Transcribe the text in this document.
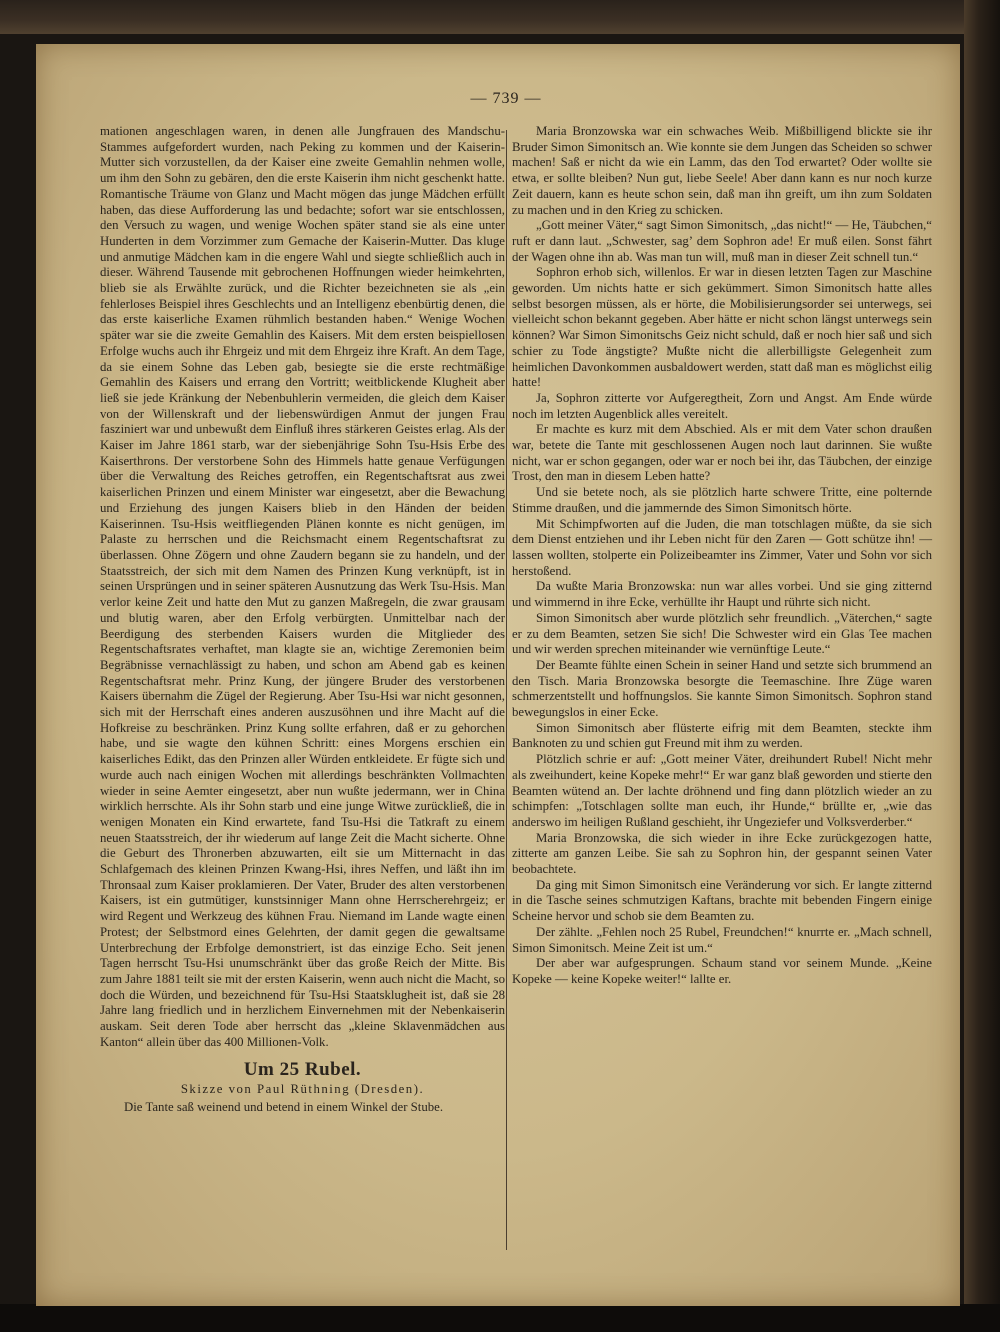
— 739 —

mationen angeschlagen waren, in denen alle Jungfrauen des Mandschu-Stammes aufgefordert wurden, nach Peking zu kommen und der Kaiserin-Mutter sich vorzustellen, da der Kaiser eine zweite Gemahlin nehmen wolle, um ihm den Sohn zu gebären, den die erste Kaiserin ihm nicht geschenkt hatte. Romantische Träume von Glanz und Macht mögen das junge Mädchen erfüllt haben, das diese Aufforderung las und bedachte; sofort war sie entschlossen, den Versuch zu wagen, und wenige Wochen später stand sie als eine unter Hunderten in dem Vorzimmer zum Gemache der Kaiserin-Mutter. Das kluge und anmutige Mädchen kam in die engere Wahl und siegte schließlich auch in dieser. Während Tausende mit gebrochenen Hoffnungen wieder heimkehrten, blieb sie als Erwählte zurück, und die Richter bezeichneten sie als „ein fehlerloses Beispiel ihres Geschlechts und an Intelligenz ebenbürtig denen, die das erste kaiserliche Examen rühmlich bestanden haben.“ Wenige Wochen später war sie die zweite Gemahlin des Kaisers. Mit dem ersten beispiellosen Erfolge wuchs auch ihr Ehrgeiz und mit dem Ehrgeiz ihre Kraft. An dem Tage, da sie einem Sohne das Leben gab, besiegte sie die erste rechtmäßige Gemahlin des Kaisers und errang den Vortritt; weitblickende Klugheit aber ließ sie jede Kränkung der Nebenbuhlerin vermeiden, die gleich dem Kaiser von der Willenskraft und der liebenswürdigen Anmut der jungen Frau fasziniert war und unbewußt dem Einfluß ihres stärkeren Geistes erlag. Als der Kaiser im Jahre 1861 starb, war der siebenjährige Sohn Tsu-Hsis Erbe des Kaiserthrons. Der verstorbene Sohn des Himmels hatte genaue Verfügungen über die Verwaltung des Reiches getroffen, ein Regentschaftsrat aus zwei kaiserlichen Prinzen und einem Minister war eingesetzt, aber die Bewachung und Erziehung des jungen Kaisers blieb in den Händen der beiden Kaiserinnen. Tsu-Hsis weitfliegenden Plänen konnte es nicht genügen, im Palaste zu herrschen und die Reichsmacht einem Regentschaftsrat zu überlassen. Ohne Zögern und ohne Zaudern begann sie zu handeln, und der Staatsstreich, der sich mit dem Namen des Prinzen Kung verknüpft, ist in seinen Ursprüngen und in seiner späteren Ausnutzung das Werk Tsu-Hsis. Man verlor keine Zeit und hatte den Mut zu ganzen Maßregeln, die zwar grausam und blutig waren, aber den Erfolg verbürgten. Unmittelbar nach der Beerdigung des sterbenden Kaisers wurden die Mitglieder des Regentschaftsrates verhaftet, man klagte sie an, wichtige Zeremonien beim Begräbnisse vernachlässigt zu haben, und schon am Abend gab es keinen Regentschaftsrat mehr. Prinz Kung, der jüngere Bruder des verstorbenen Kaisers übernahm die Zügel der Regierung. Aber Tsu-Hsi war nicht gesonnen, sich mit der Herrschaft eines anderen auszusöhnen und ihre Macht auf die Hofkreise zu beschränken. Prinz Kung sollte erfahren, daß er zu gehorchen habe, und sie wagte den kühnen Schritt: eines Morgens erschien ein kaiserliches Edikt, das den Prinzen aller Würden entkleidete. Er fügte sich und wurde auch nach einigen Wochen mit allerdings beschränkten Vollmachten wieder in seine Aemter eingesetzt, aber nun wußte jedermann, wer in China wirklich herrschte. Als ihr Sohn starb und eine junge Witwe zurückließ, die in wenigen Monaten ein Kind erwartete, fand Tsu-Hsi die Tatkraft zu einem neuen Staatsstreich, der ihr wiederum auf lange Zeit die Macht sicherte. Ohne die Geburt des Thronerben abzuwarten, eilt sie um Mitternacht in das Schlafgemach des kleinen Prinzen Kwang-Hsi, ihres Neffen, und läßt ihn im Thronsaal zum Kaiser proklamieren. Der Vater, Bruder des alten verstorbenen Kaisers, ist ein gutmütiger, kunstsinniger Mann ohne Herrscherehrgeiz; er wird Regent und Werkzeug des kühnen Frau. Niemand im Lande wagte einen Protest; der Selbstmord eines Gelehrten, der damit gegen die gewaltsame Unterbrechung der Erbfolge demonstriert, ist das einzige Echo. Seit jenen Tagen herrscht Tsu-Hsi unumschränkt über das große Reich der Mitte. Bis zum Jahre 1881 teilt sie mit der ersten Kaiserin, wenn auch nicht die Macht, so doch die Würden, und bezeichnend für Tsu-Hsi Staatsklugheit ist, daß sie 28 Jahre lang friedlich und in herzlichem Einvernehmen mit der Nebenkaiserin auskam. Seit deren Tode aber herrscht das „kleine Sklavenmädchen aus Kanton“ allein über das 400 Millionen-Volk.

Um 25 Rubel.
Skizze von Paul Rüthning (Dresden).

Die Tante saß weinend und betend in einem Winkel der Stube.

Maria Bronzowska war ein schwaches Weib. Mißbilligend blickte sie ihr Bruder Simon Simonitsch an. Wie konnte sie dem Jungen das Scheiden so schwer machen! Saß er nicht da wie ein Lamm, das den Tod erwartet? Oder wollte sie etwa, er sollte bleiben? Nun gut, liebe Seele! Aber dann kann es nur noch kurze Zeit dauern, kann es heute schon sein, daß man ihn greift, um ihn zum Soldaten zu machen und in den Krieg zu schicken.

„Gott meiner Väter,“ sagt Simon Simonitsch, „das nicht!“ — He, Täubchen,“ ruft er dann laut. „Schwester, sag’ dem Sophron ade! Er muß eilen. Sonst fährt der Wagen ohne ihn ab. Was man tun will, muß man in dieser Zeit schnell tun.“

Sophron erhob sich, willenlos. Er war in diesen letzten Tagen zur Maschine geworden. Um nichts hatte er sich gekümmert. Simon Simonitsch hatte alles selbst besorgen müssen, als er hörte, die Mobilisierungsorder sei unterwegs, sei vielleicht schon bekannt gegeben. Aber hätte er nicht schon längst unterwegs sein können? War Simon Simonitschs Geiz nicht schuld, daß er noch hier saß und sich schier zu Tode ängstigte? Mußte nicht die allerbilligste Gelegenheit zum heimlichen Davonkommen ausbaldowert werden, statt daß man es möglichst eilig hatte!

Ja, Sophron zitterte vor Aufgeregtheit, Zorn und Angst. Am Ende würde noch im letzten Augenblick alles vereitelt.

Er machte es kurz mit dem Abschied. Als er mit dem Vater schon draußen war, betete die Tante mit geschlossenen Augen noch laut darinnen. Sie wußte nicht, war er schon gegangen, oder war er noch bei ihr, das Täubchen, der einzige Trost, den man in diesem Leben hatte?

Und sie betete noch, als sie plötzlich harte schwere Tritte, eine polternde Stimme draußen, und die jammernde des Simon Simonitsch hörte.

Mit Schimpfworten auf die Juden, die man totschlagen müßte, da sie sich dem Dienst entziehen und ihr Leben nicht für den Zaren — Gott schütze ihn! — lassen wollten, stolperte ein Polizeibeamter ins Zimmer, Vater und Sohn vor sich herstoßend.

Da wußte Maria Bronzowska: nun war alles vorbei. Und sie ging zitternd und wimmernd in ihre Ecke, verhüllte ihr Haupt und rührte sich nicht.

Simon Simonitsch aber wurde plötzlich sehr freundlich. „Väterchen,“ sagte er zu dem Beamten, setzen Sie sich! Die Schwester wird ein Glas Tee machen und wir werden sprechen miteinander wie vernünftige Leute.“

Der Beamte fühlte einen Schein in seiner Hand und setzte sich brummend an den Tisch. Maria Bronzowska besorgte die Teemaschine. Ihre Züge waren schmerzentstellt und hoffnungslos. Sie kannte Simon Simonitsch. Sophron stand bewegungslos in einer Ecke.

Simon Simonitsch aber flüsterte eifrig mit dem Beamten, steckte ihm Banknoten zu und schien gut Freund mit ihm zu werden.

Plötzlich schrie er auf: „Gott meiner Väter, dreihundert Rubel! Nicht mehr als zweihundert, keine Kopeke mehr!“ Er war ganz blaß geworden und stierte den Beamten wütend an. Der lachte dröhnend und fing dann plötzlich wieder an zu schimpfen: „Totschlagen sollte man euch, ihr Hunde,“ brüllte er, „wie das anderswo im heiligen Rußland geschieht, ihr Ungeziefer und Volksverderber.“

Maria Bronzowska, die sich wieder in ihre Ecke zurückgezogen hatte, zitterte am ganzen Leibe. Sie sah zu Sophron hin, der gespannt seinen Vater beobachtete.

Da ging mit Simon Simonitsch eine Veränderung vor sich. Er langte zitternd in die Tasche seines schmutzigen Kaftans, brachte mit bebenden Fingern einige Scheine hervor und schob sie dem Beamten zu.

Der zählte. „Fehlen noch 25 Rubel, Freundchen!“ knurrte er. „Mach schnell, Simon Simonitsch. Meine Zeit ist um.“

Der aber war aufgesprungen. Schaum stand vor seinem Munde. „Keine Kopeke — keine Kopeke weiter!“ lallte er.
